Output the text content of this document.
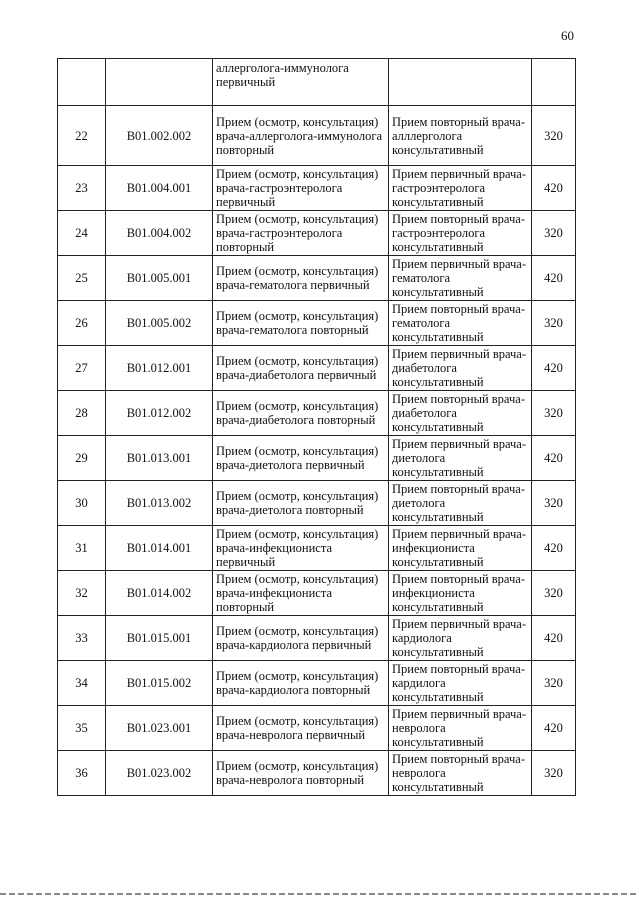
60
		аллерголога-иммунолога первичный		
22	B01.002.002	Прием (осмотр, консультация) врача-аллерголога-иммунолога повторный	Прием повторный врача-алллерголога консультативный	320
23	B01.004.001	Прием (осмотр, консультация) врача-гастроэнтеролога первичный	Прием первичный врача-гастроэнтеролога консультативный	420
24	B01.004.002	Прием (осмотр, консультация) врача-гастроэнтеролога повторный	Прием повторный врача-гастроэнтеролога консультативный	320
25	B01.005.001	Прием (осмотр, консультация) врача-гематолога первичный	Прием первичный врача-гематолога консультативный	420
26	B01.005.002	Прием (осмотр, консультация) врача-гематолога повторный	Прием повторный врача-гематолога консультативный	320
27	B01.012.001	Прием (осмотр, консультация) врача-диабетолога первичный	Прием первичный врача-диабетолога консультативный	420
28	B01.012.002	Прием (осмотр, консультация) врача-диабетолога повторный	Прием повторный врача-диабетолога консультативный	320
29	B01.013.001	Прием (осмотр, консультация) врача-диетолога первичный	Прием первичный врача-диетолога консультативный	420
30	B01.013.002	Прием (осмотр, консультация) врача-диетолога повторный	Прием повторный врача-диетолога консультативный	320
31	B01.014.001	Прием (осмотр, консультация) врача-инфекциониста первичный	Прием первичный врача-инфекциониста консультативный	420
32	B01.014.002	Прием (осмотр, консультация) врача-инфекциониста повторный	Прием повторный врача-инфекциониста консультативный	320
33	B01.015.001	Прием (осмотр, консультация) врача-кардиолога первичный	Прием первичный врача-кардиолога консультативный	420
34	B01.015.002	Прием (осмотр, консультация) врача-кардиолога повторный	Прием повторный врача-кардилога консультативный	320
35	B01.023.001	Прием (осмотр, консультация) врача-невролога первичный	Прием первичный врача-невролога консультативный	420
36	B01.023.002	Прием (осмотр, консультация) врача-невролога повторный	Прием повторный врача-невролога консультативный	320
